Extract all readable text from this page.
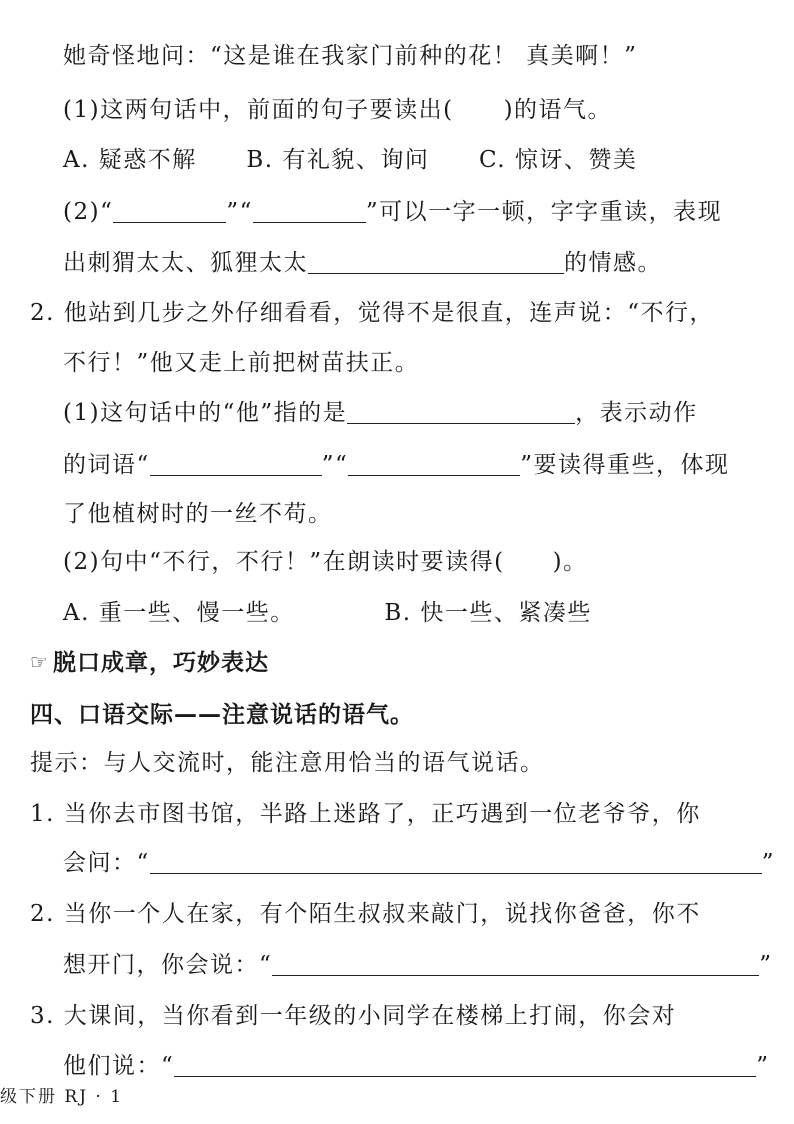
她奇怪地问：“这是谁在我家门前种的花！ 真美啊！”
(1)这两句话中，前面的句子要读出( )的语气。
A. 疑惑不解 B. 有礼貌、询问 C. 惊讶、赞美
(2)“	”“	”可以一字一顿，字字重读，表现
出刺猬太太、狐狸太太	的情感。
2. 他站到几步之外仔细看看，觉得不是很直，连声说：“不行，
不行！”他又走上前把树苗扶正。
(1)这句话中的“他”指的是	，表示动作
的词语“	”“	”要读得重些，体现
了他植树时的一丝不苟。
(2)句中“不行，不行！”在朗读时要读得( )。
A. 重一些、慢一些。	B. 快一些、紧凑些
☞ 脱口成章，巧妙表达
四、口语交际——注意说话的语气。
提示：与人交流时，能注意用恰当的语气说话。
1. 当你去市图书馆，半路上迷路了，正巧遇到一位老爷爷，你
会问：“	”
2. 当你一个人在家，有个陌生叔叔来敲门，说找你爸爸，你不
想开门，你会说：“	”
3. 大课间，当你看到一年级的小同学在楼梯上打闹，你会对
他们说：“	”
级下册 RJ · 1
